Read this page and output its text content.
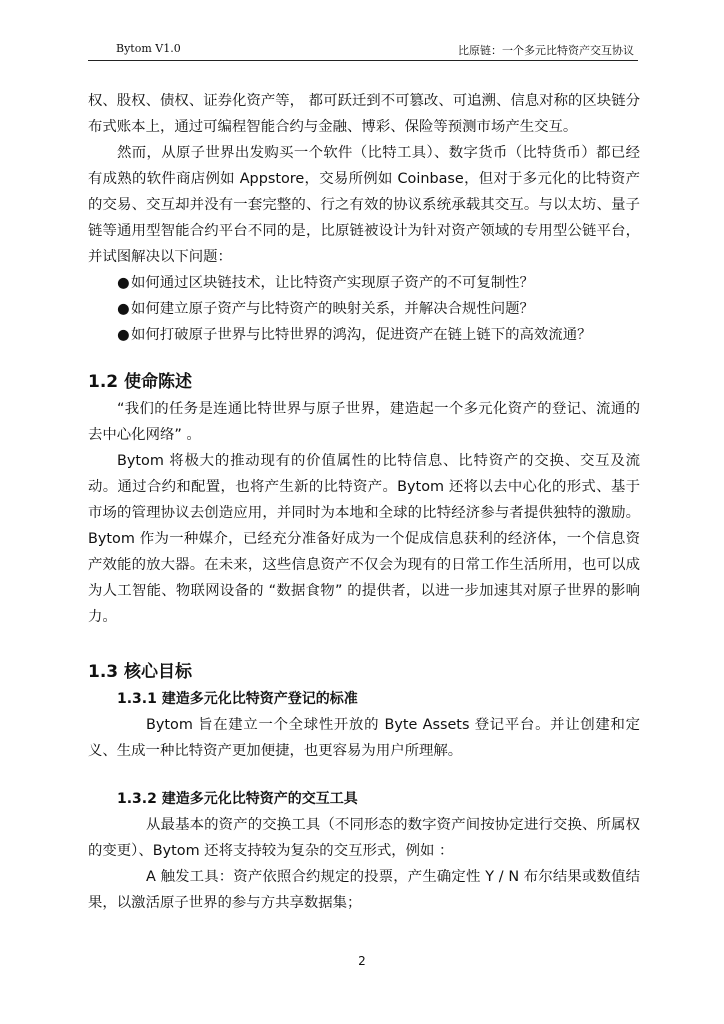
Bytom V1.0	比原链：一个多元比特资产交互协议

权、股权、债权、证券化资产等， 都可跃迁到不可篡改、可追溯、信息对称的区块链分布式账本上，通过可编程智能合约与金融、博彩、保险等预测市场产生交互。

然而，从原子世界出发购买一个软件（比特工具）、数字货币（比特货币）都已经有成熟的软件商店例如 Appstore，交易所例如 Coinbase，但对于多元化的比特资产的交易、交互却并没有一套完整的、行之有效的协议系统承载其交互。与以太坊、量子链等通用型智能合约平台不同的是，比原链被设计为针对资产领域的专用型公链平台，并试图解决以下问题：

● 如何通过区块链技术，让比特资产实现原子资产的不可复制性？
● 如何建立原子资产与比特资产的映射关系，并解决合规性问题？
● 如何打破原子世界与比特世界的鸿沟，促进资产在链上链下的高效流通？
1.2 使命陈述

“我们的任务是连通比特世界与原子世界，建造起一个多元化资产的登记、流通的去中心化网络” 。

Bytom 将极大的推动现有的价值属性的比特信息、比特资产的交换、交互及流动。通过合约和配置，也将产生新的比特资产。Bytom 还将以去中心化的形式、基于市场的管理协议去创造应用，并同时为本地和全球的比特经济参与者提供独特的激励。Bytom 作为一种媒介，已经充分准备好成为一个促成信息获利的经济体，一个信息资产效能的放大器。在未来，这些信息资产不仅会为现有的日常工作生活所用，也可以成为人工智能、物联网设备的 “数据食物” 的提供者，以进一步加速其对原子世界的影响力。

1.3 核心目标
1.3.1 建造多元化比特资产登记的标准

Bytom 旨在建立一个全球性开放的 Byte Assets 登记平台。并让创建和定义、生成一种比特资产更加便捷，也更容易为用户所理解。

1.3.2 建造多元化比特资产的交互工具

从最基本的资产的交换工具（不同形态的数字资产间按协定进行交换、所属权的变更）、Bytom 还将支持较为复杂的交互形式，例如 ：

A 触发工具：资产依照合约规定的投票，产生确定性 Y / N 布尔结果或数值结果，以激活原子世界的参与方共享数据集；

2
